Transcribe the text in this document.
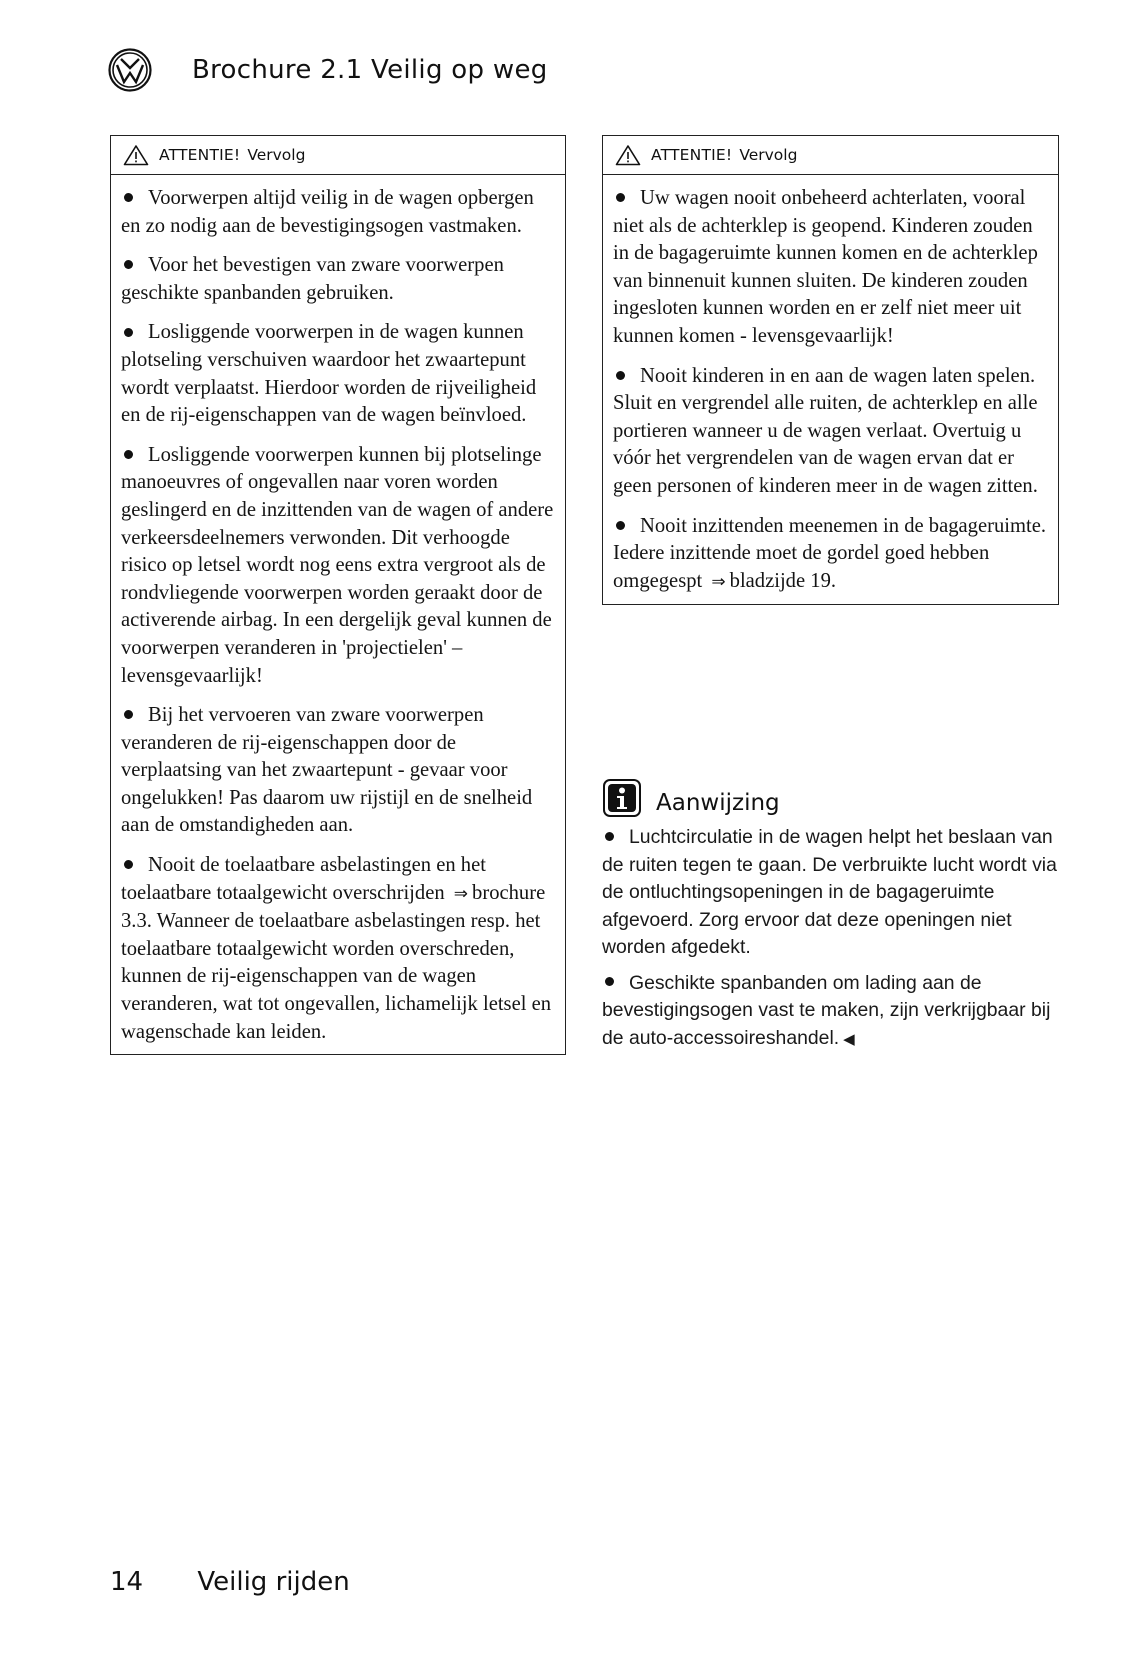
Brochure 2.1 Veilig op weg
ATTENTIE! Vervolg

Voorwerpen altijd veilig in de wagen opbergen en zo nodig aan de bevestigingsogen vastmaken.

Voor het bevestigen van zware voorwerpen geschikte spanbanden gebruiken.

Losliggende voorwerpen in de wagen kunnen plotseling verschuiven waardoor het zwaartepunt wordt verplaatst. Hierdoor worden de rijveiligheid en de rij-eigenschappen van de wagen beïnvloed.

Losliggende voorwerpen kunnen bij plotselinge manoeuvres of ongevallen naar voren worden geslingerd en de inzittenden van de wagen of andere verkeersdeelnemers verwonden. Dit verhoogde risico op letsel wordt nog eens extra vergroot als de rondvliegende voorwerpen worden geraakt door de activerende airbag. In een dergelijk geval kunnen de voorwerpen veranderen in 'projectielen' – levensgevaarlijk!

Bij het vervoeren van zware voorwerpen veranderen de rij-eigenschappen door de verplaatsing van het zwaartepunt - gevaar voor ongelukken! Pas daarom uw rijstijl en de snelheid aan de omstandigheden aan.

Nooit de toelaatbare asbelastingen en het toelaatbare totaalgewicht overschrijden ⇒ brochure 3.3. Wanneer de toelaatbare asbelastingen resp. het toelaatbare totaalgewicht worden overschreden, kunnen de rij-eigenschappen van de wagen veranderen, wat tot ongevallen, lichamelijk letsel en wagenschade kan leiden.

ATTENTIE! Vervolg

Uw wagen nooit onbeheerd achterlaten, vooral niet als de achterklep is geopend. Kinderen zouden in de bagageruimte kunnen komen en de achterklep van binnenuit kunnen sluiten. De kinderen zouden ingesloten kunnen worden en er zelf niet meer uit kunnen komen - levensgevaarlijk!

Nooit kinderen in en aan de wagen laten spelen. Sluit en vergrendel alle ruiten, de achterklep en alle portieren wanneer u de wagen verlaat. Overtuig u vóór het vergrendelen van de wagen ervan dat er geen personen of kinderen meer in de wagen zitten.

Nooit inzittenden meenemen in de bagageruimte. Iedere inzittende moet de gordel goed hebben omgegespt ⇒ bladzijde 19.

Aanwijzing

Luchtcirculatie in de wagen helpt het beslaan van de ruiten tegen te gaan. De verbruikte lucht wordt via de ontluchtingsopeningen in de bagageruimte afgevoerd. Zorg ervoor dat deze openingen niet worden afgedekt.

Geschikte spanbanden om lading aan de bevestigingsogen vast te maken, zijn verkrijgbaar bij de auto-accessoireshandel. ◀

14 Veilig rijden
